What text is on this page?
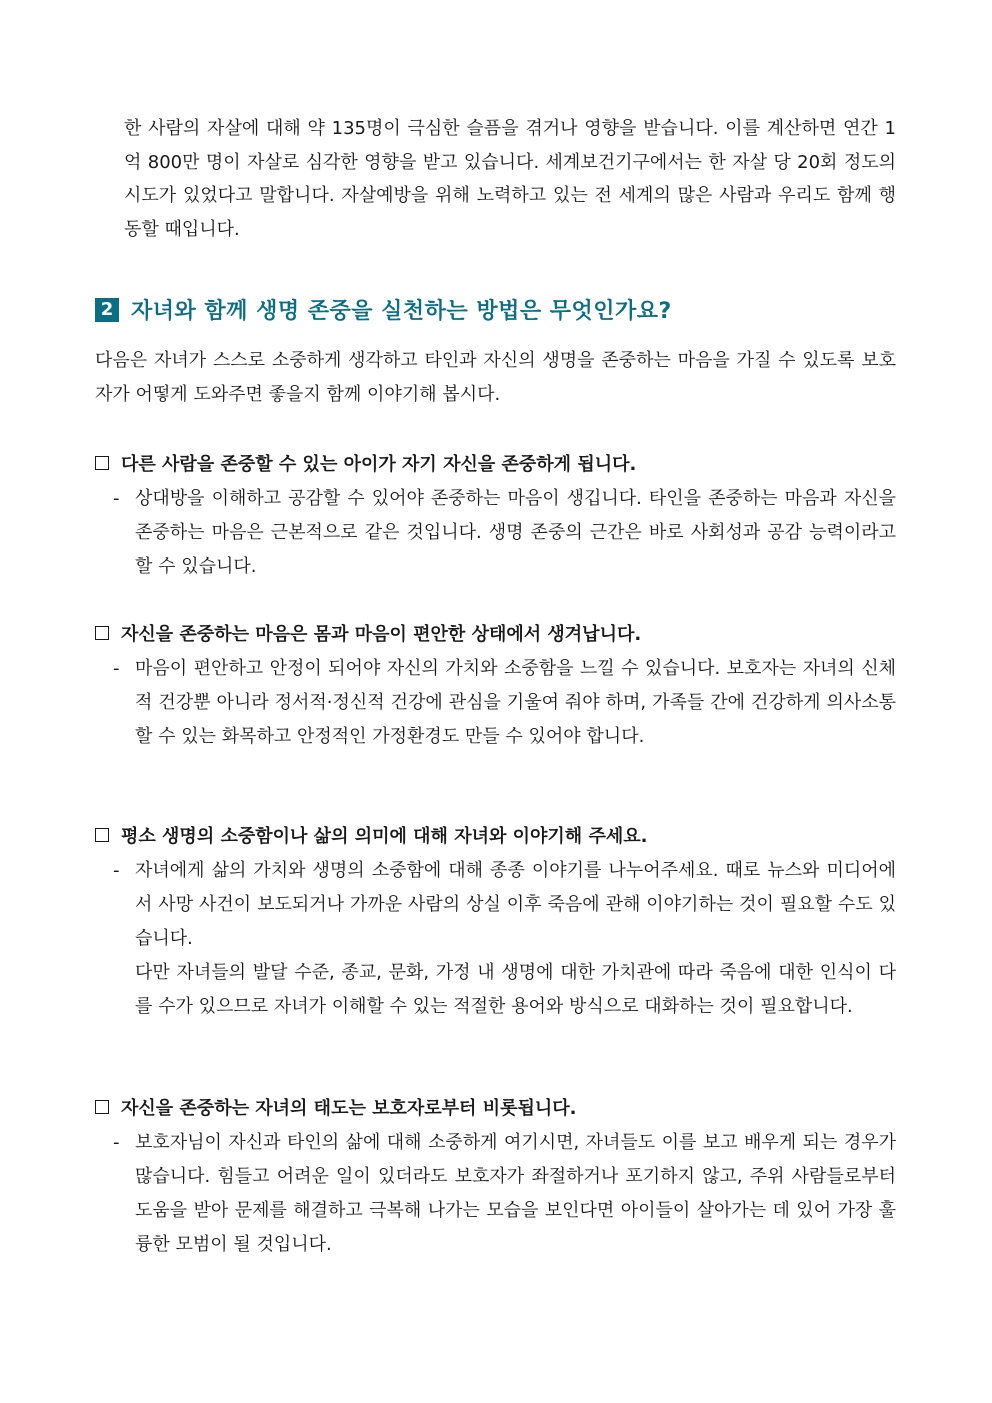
한 사람의 자살에 대해 약 135명이 극심한 슬픔을 겪거나 영향을 받습니다. 이를 계산하면 연간 1억 800만 명이 자살로 심각한 영향을 받고 있습니다. 세계보건기구에서는 한 자살 당 20회 정도의 시도가 있었다고 말합니다. 자살예방을 위해 노력하고 있는 전 세계의 많은 사람과 우리도 함께 행동할 때입니다.

2 자녀와 함께 생명 존중을 실천하는 방법은 무엇인가요?

다음은 자녀가 스스로 소중하게 생각하고 타인과 자신의 생명을 존중하는 마음을 가질 수 있도록 보호자가 어떻게 도와주면 좋을지 함께 이야기해 봅시다.

다른 사람을 존중할 수 있는 아이가 자기 자신을 존중하게 됩니다.
- 상대방을 이해하고 공감할 수 있어야 존중하는 마음이 생깁니다. 타인을 존중하는 마음과 자신을 존중하는 마음은 근본적으로 같은 것입니다. 생명 존중의 근간은 바로 사회성과 공감 능력이라고 할 수 있습니다.

자신을 존중하는 마음은 몸과 마음이 편안한 상태에서 생겨납니다.
- 마음이 편안하고 안정이 되어야 자신의 가치와 소중함을 느낄 수 있습니다. 보호자는 자녀의 신체적 건강뿐 아니라 정서적·정신적 건강에 관심을 기울여 줘야 하며, 가족들 간에 건강하게 의사소통할 수 있는 화목하고 안정적인 가정환경도 만들 수 있어야 합니다.

평소 생명의 소중함이나 삶의 의미에 대해 자녀와 이야기해 주세요.
- 자녀에게 삶의 가치와 생명의 소중함에 대해 종종 이야기를 나누어주세요. 때로 뉴스와 미디어에서 사망 사건이 보도되거나 가까운 사람의 상실 이후 죽음에 관해 이야기하는 것이 필요할 수도 있습니다.

다만 자녀들의 발달 수준, 종교, 문화, 가정 내 생명에 대한 가치관에 따라 죽음에 대한 인식이 다를 수가 있으므로 자녀가 이해할 수 있는 적절한 용어와 방식으로 대화하는 것이 필요합니다.

자신을 존중하는 자녀의 태도는 보호자로부터 비롯됩니다.
- 보호자님이 자신과 타인의 삶에 대해 소중하게 여기시면, 자녀들도 이를 보고 배우게 되는 경우가 많습니다. 힘들고 어려운 일이 있더라도 보호자가 좌절하거나 포기하지 않고, 주위 사람들로부터 도움을 받아 문제를 해결하고 극복해 나가는 모습을 보인다면 아이들이 살아가는 데 있어 가장 훌륭한 모범이 될 것입니다.
